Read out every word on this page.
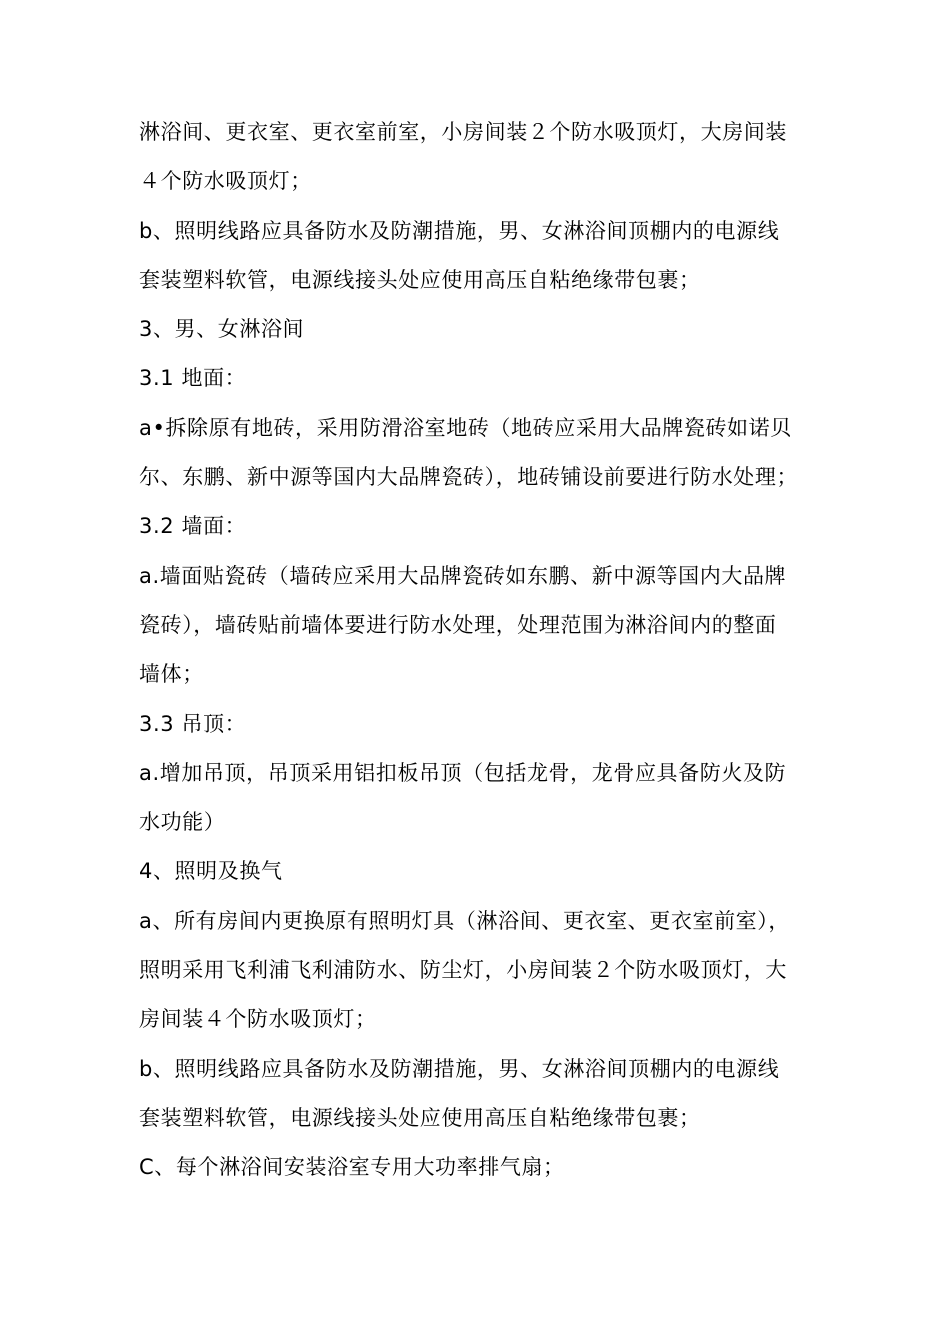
淋浴间、更衣室、更衣室前室，小房间装２个防水吸顶灯，大房间装
４个防水吸顶灯；
b、照明线路应具备防水及防潮措施，男、女淋浴间顶棚内的电源线
套装塑料软管，电源线接头处应使用高压自粘绝缘带包裹；
3、男、女淋浴间
3.1 地面：
a•拆除原有地砖，采用防滑浴室地砖（地砖应采用大品牌瓷砖如诺贝
尔、东鹏、新中源等国内大品牌瓷砖），地砖铺设前要进行防水处理；
3.2 墙面：
a.墙面贴瓷砖（墙砖应采用大品牌瓷砖如东鹏、新中源等国内大品牌
瓷砖），墙砖贴前墙体要进行防水处理，处理范围为淋浴间内的整面
墙体；
3.3 吊顶：
a.增加吊顶，吊顶采用铝扣板吊顶（包括龙骨，龙骨应具备防火及防
水功能）
4、照明及换气
a、所有房间内更换原有照明灯具（淋浴间、更衣室、更衣室前室），
照明采用飞利浦飞利浦防水、防尘灯，小房间装２个防水吸顶灯，大
房间装４个防水吸顶灯；
b、照明线路应具备防水及防潮措施，男、女淋浴间顶棚内的电源线
套装塑料软管，电源线接头处应使用高压自粘绝缘带包裹；
C、每个淋浴间安装浴室专用大功率排气扇；
